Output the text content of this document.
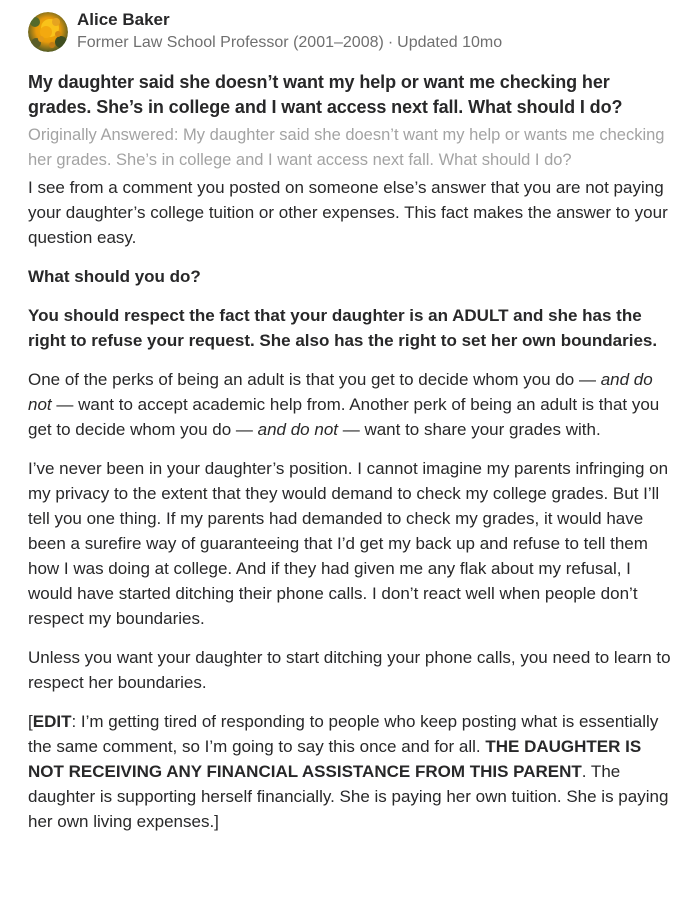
Alice Baker
Former Law School Professor (2001–2008) · Updated 10mo
My daughter said she doesn’t want my help or want me checking her grades. She’s in college and I want access next fall. What should I do?
Originally Answered: My daughter said she doesn’t want my help or wants me checking her grades. She’s in college and I want access next fall. What should I do?

I see from a comment you posted on someone else’s answer that you are not paying your daughter’s college tuition or other expenses. This fact makes the answer to your question easy.

What should you do?

You should respect the fact that your daughter is an ADULT and she has the right to refuse your request. She also has the right to set her own boundaries.

One of the perks of being an adult is that you get to decide whom you do — and do not — want to accept academic help from. Another perk of being an adult is that you get to decide whom you do — and do not — want to share your grades with.

I’ve never been in your daughter’s position. I cannot imagine my parents infringing on my privacy to the extent that they would demand to check my college grades. But I’ll tell you one thing. If my parents had demanded to check my grades, it would have been a surefire way of guaranteeing that I’d get my back up and refuse to tell them how I was doing at college. And if they had given me any flak about my refusal, I would have started ditching their phone calls. I don’t react well when people don’t respect my boundaries.

Unless you want your daughter to start ditching your phone calls, you need to learn to respect her boundaries.

[EDIT: I’m getting tired of responding to people who keep posting what is essentially the same comment, so I’m going to say this once and for all. THE DAUGHTER IS NOT RECEIVING ANY FINANCIAL ASSISTANCE FROM THIS PARENT. The daughter is supporting herself financially. She is paying her own tuition. She is paying her own living expenses.]
